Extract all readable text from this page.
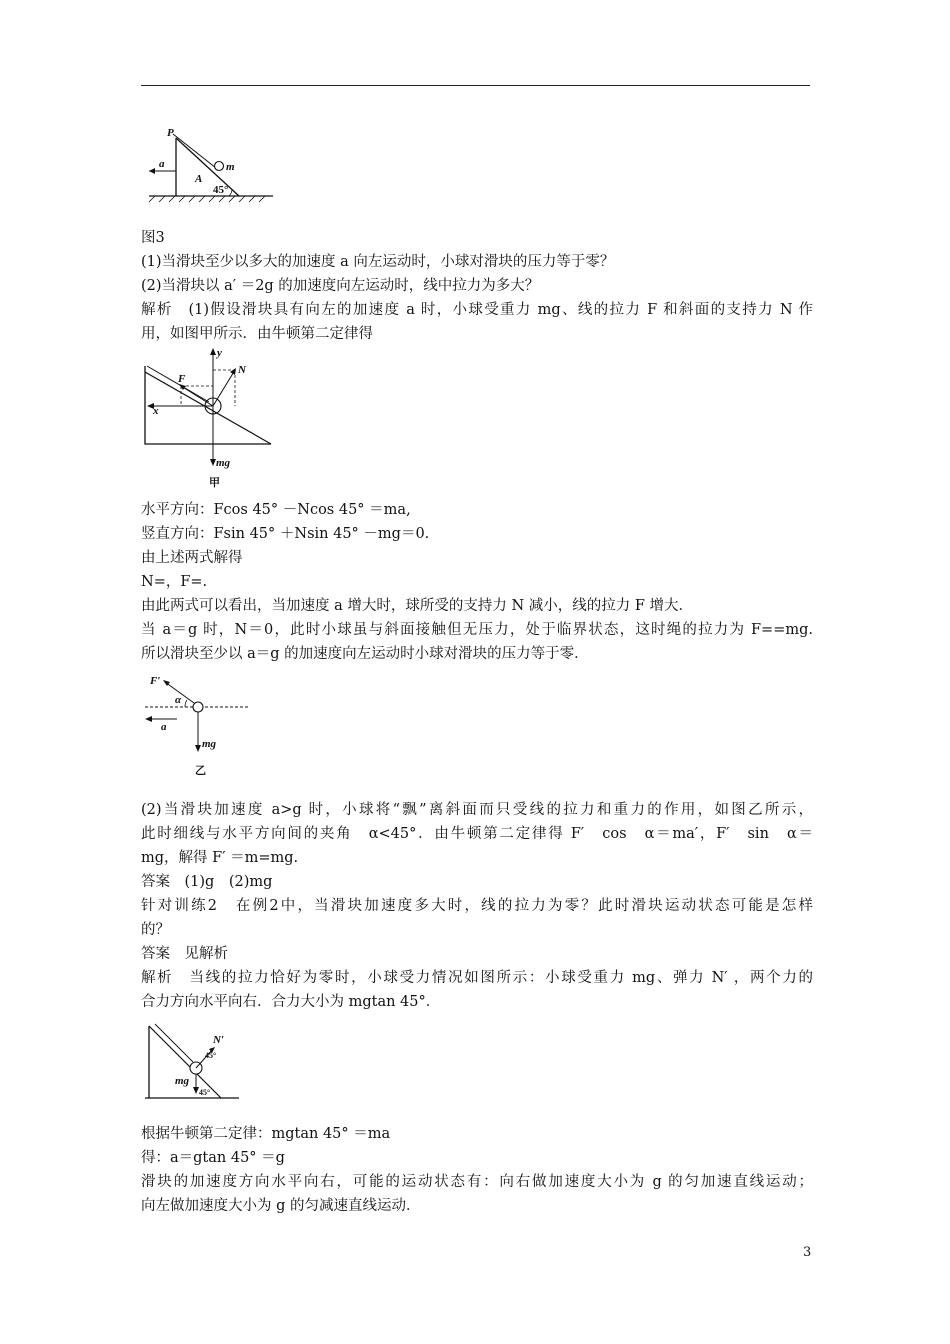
P
m
a
A
45°
图3
(1)当滑块至少以多大的加速度 a 向左运动时，小球对滑块的压力等于零？
(2)当滑块以 a′ ＝2g 的加速度向左运动时，线中拉力为多大？
解析　(1)假设滑块具有向左的加速度 a 时，小球受重力 mg、线的拉力 F 和斜面的支持力 N 作
用，如图甲所示．由牛顿第二定律得
y
N
F
x
mg
甲
水平方向：Fcos 45° －Ncos 45° ＝ma,
竖直方向：Fsin 45° ＋Nsin 45° －mg＝0.
由上述两式解得
N=，F=.
由此两式可以看出，当加速度 a 增大时，球所受的支持力 N 减小，线的拉力 F 增大．
当 a＝g 时，N＝0，此时小球虽与斜面接触但无压力，处于临界状态，这时绳的拉力为 F==mg.
所以滑块至少以 a＝g 的加速度向左运动时小球对滑块的压力等于零．
F′
α
a
mg
乙
(2)当滑块加速度 a>g 时，小球将“飘”离斜面而只受线的拉力和重力的作用，如图乙所示，
此时细线与水平方向间的夹角　α<45°．由牛顿第二定律得 F′　cos　α＝ma′，F′　sin　α＝
mg，解得 F′ ＝m=mg.
答案　(1)g　(2)mg
针对训练2　在例2中，当滑块加速度多大时，线的拉力为零？此时滑块运动状态可能是怎样
的？
答案　见解析
解析　当线的拉力恰好为零时，小球受力情况如图所示：小球受重力 mg、弹力 N′ ，两个力的
合力方向水平向右．合力大小为 mgtan 45°．
N′
45°
mg
45°
根据牛顿第二定律：mgtan 45° ＝ma
得：a＝gtan 45° ＝g
滑块的加速度方向水平向右，可能的运动状态有：向右做加速度大小为 g 的匀加速直线运动；
向左做加速度大小为 g 的匀减速直线运动．
3
